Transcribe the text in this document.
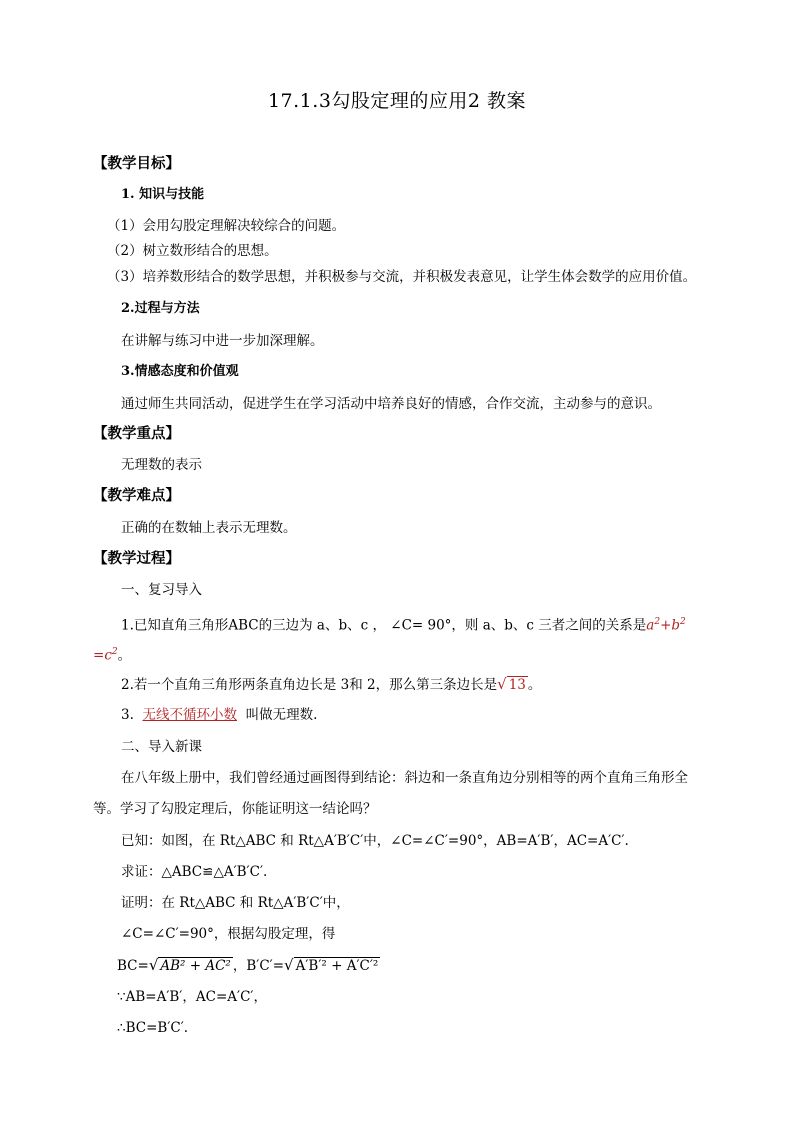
17.1.3勾股定理的应用2 教案
【教学目标】
1. 知识与技能
（1）会用勾股定理解决较综合的问题。
（2）树立数形结合的思想。
（3）培养数形结合的数学思想，并积极参与交流，并积极发表意见，让学生体会数学的应用价值。
2.过程与方法
在讲解与练习中进一步加深理解。
3.情感态度和价值观
通过师生共同活动，促进学生在学习活动中培养良好的情感，合作交流，主动参与的意识。
【教学重点】
无理数的表示
【教学难点】
正确的在数轴上表示无理数。
【教学过程】
一、复习导入
1.已知直角三角形ABC的三边为 a、b、c ， ∠C= 90°，则 a、b、c 三者之间的关系是$a^2+b^2$
$=c^2$。
2.若一个直角三角形两条直角边长是 3和 2，那么第三条边长是√ 13 。
3. 无线不循环小数 叫做无理数.
二、导入新课
在八年级上册中，我们曾经通过画图得到结论：斜边和一条直角边分别相等的两个直角三角形全
等。学习了勾股定理后，你能证明这一结论吗？
已知：如图，在 Rt△ABC 和 Rt△A′B′C′中，∠C=∠C′=90°，AB=A′B′，AC=A′C′.
求证：△ABC≌△A′B′C′.
证明：在 Rt△ABC 和 Rt△A′B′C′中，
∠C=∠C′=90°，根据勾股定理，得
BC=√ AB² + AC² ，B′C′=√ A′B′² + A′C′²
∵AB=A′B′，AC=A′C′，
∴BC=B′C′.
